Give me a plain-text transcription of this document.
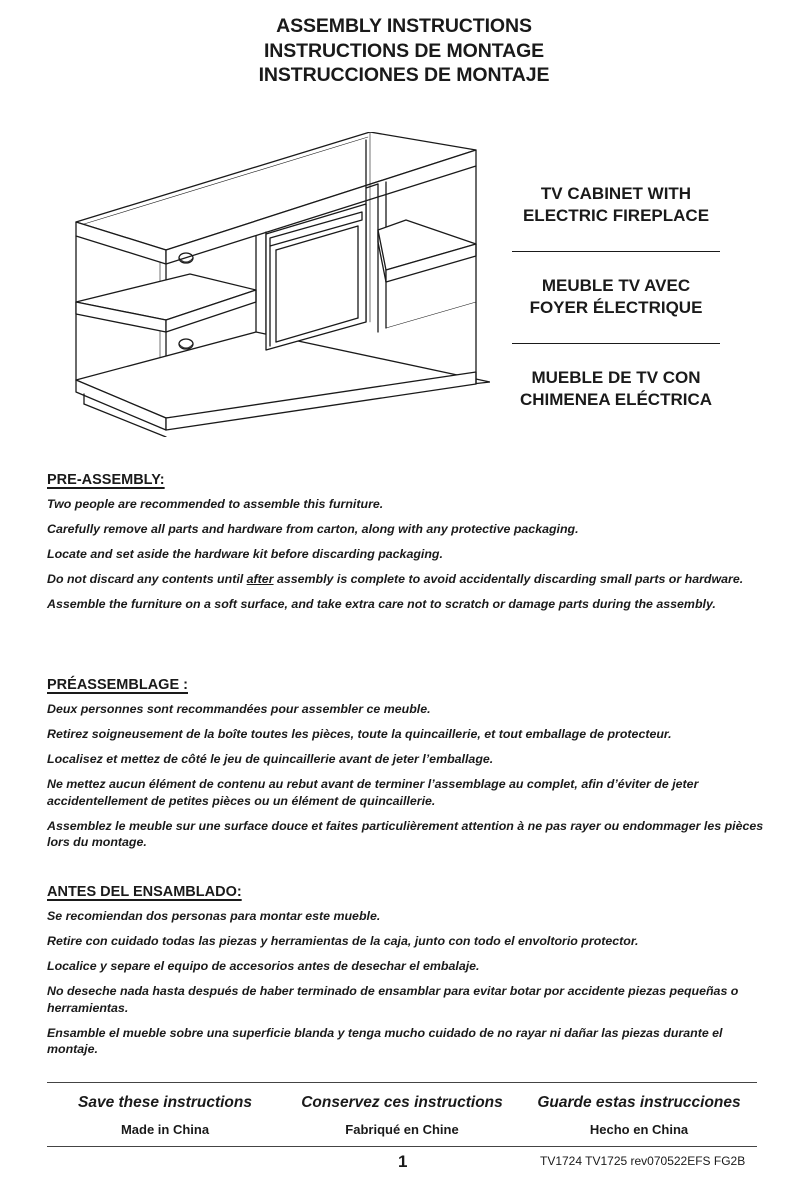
ASSEMBLY INSTRUCTIONS
INSTRUCTIONS DE MONTAGE
INSTRUCCIONES DE MONTAJE
TV CABINET WITH
ELECTRIC FIREPLACE
MEUBLE TV AVEC
FOYER ÉLECTRIQUE
MUEBLE DE TV CON
CHIMENEA ELÉCTRICA
PRE-ASSEMBLY:

Two people are recommended to assemble this furniture.

Carefully remove all parts and hardware from carton, along with any protective packaging.

Locate and set aside the hardware kit before discarding packaging.

Do not discard any contents until after assembly is complete to avoid accidentally discarding small parts or hardware.

Assemble the furniture on a soft surface, and take extra care not to scratch or damage parts during the assembly.

PRÉASSEMBLAGE :

Deux personnes sont recommandées pour assembler ce meuble.

Retirez soigneusement de la boîte toutes les pièces, toute la quincaillerie, et tout emballage de protecteur.

Localisez et mettez de côté le jeu de quincaillerie avant de jeter l’emballage.

Ne mettez aucun élément de contenu au rebut avant de terminer l’assemblage au complet, afin d’éviter de jeter accidentellement de petites pièces ou un élément de quincaillerie.

Assemblez le meuble sur une surface douce et faites particulièrement attention à ne pas rayer ou endommager les pièces lors du montage.

ANTES DEL ENSAMBLADO:

Se recomiendan dos personas para montar este mueble.

Retire con cuidado todas las piezas y herramientas de la caja, junto con todo el envoltorio protector.

Localice y separe el equipo de accesorios antes de desechar el embalaje.

No deseche nada hasta después de haber terminado de ensamblar para evitar botar por accidente piezas pequeñas o herramientas.

Ensamble el mueble sobre una superficie blanda y tenga mucho cuidado de no rayar ni dañar las piezas durante el montaje.

Save these instructions	Conservez ces instructions	Guarde estas instrucciones
Made in China	Fabriqué en Chine	Hecho en China
1	TV1724 TV1725 rev070522EFS FG2B
